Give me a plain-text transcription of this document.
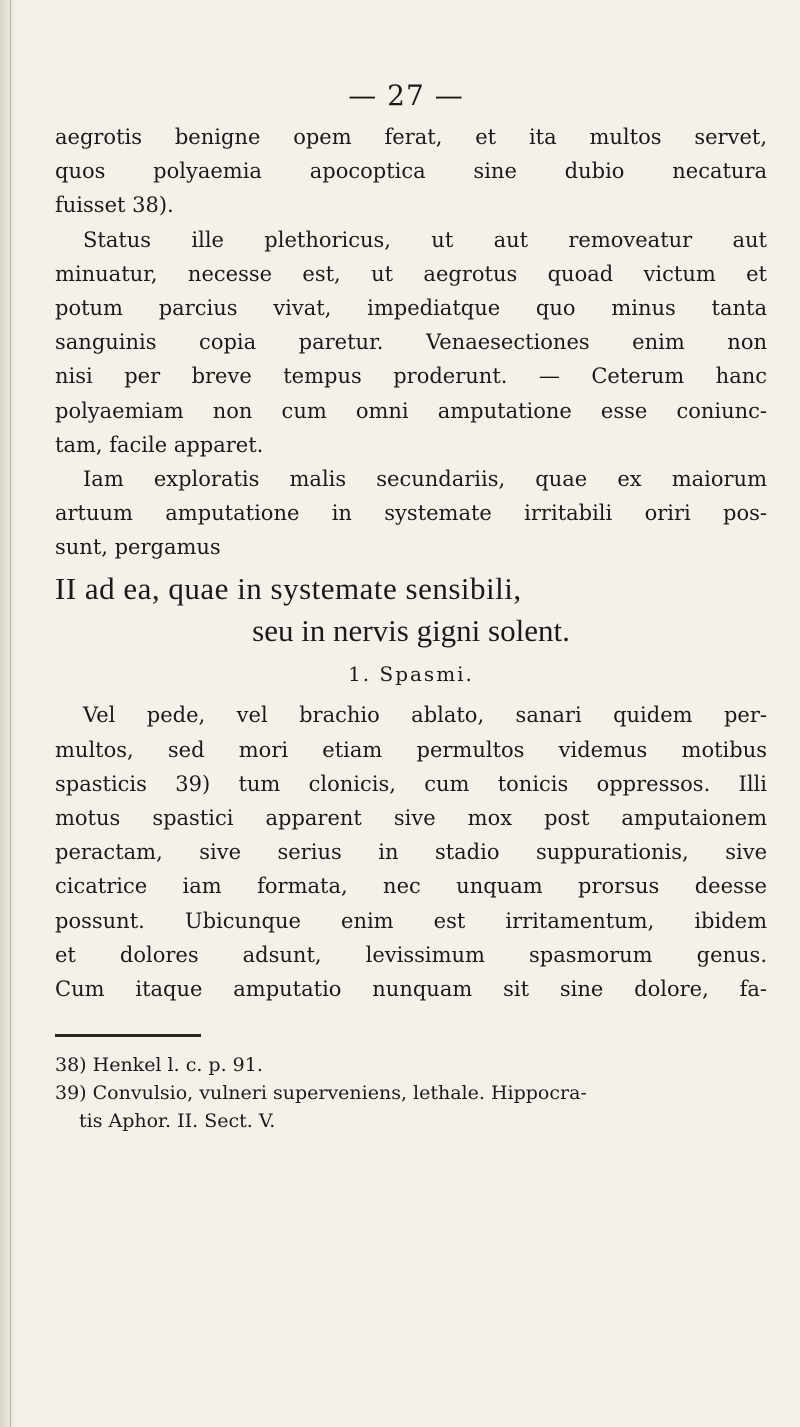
— 27 —
aegrotis benigne opem ferat, et ita multos servet,
quos polyaemia apocoptica sine dubio necatura
fuisset 38).
Status ille plethoricus, ut aut removeatur aut
minuatur, necesse est, ut aegrotus quoad victum et
potum parcius vivat, impediatque quo minus tanta
sanguinis copia paretur. Venaesectiones enim non
nisi per breve tempus proderunt. — Ceterum hanc
polyaemiam non cum omni amputatione esse coniunc-
tam, facile apparet.
Iam exploratis malis secundariis, quae ex maiorum
artuum amputatione in systemate irritabili oriri pos-
sunt, pergamus
II ad ea, quae in systemate sensibili,
seu in nervis gigni solent.
1. Spasmi.
Vel pede, vel brachio ablato, sanari quidem per-
multos, sed mori etiam permultos videmus motibus
spasticis 39) tum clonicis, cum tonicis oppressos. Illi
motus spastici apparent sive mox post amputaionem
peractam, sive serius in stadio suppurationis, sive
cicatrice iam formata, nec unquam prorsus deesse
possunt. Ubicunque enim est irritamentum, ibidem
et dolores adsunt, levissimum spasmorum genus.
Cum itaque amputatio nunquam sit sine dolore, fa-
38) Henkel l. c. p. 91.
39) Convulsio, vulneri superveniens, lethale. Hippocra-
tis Aphor. II. Sect. V.
